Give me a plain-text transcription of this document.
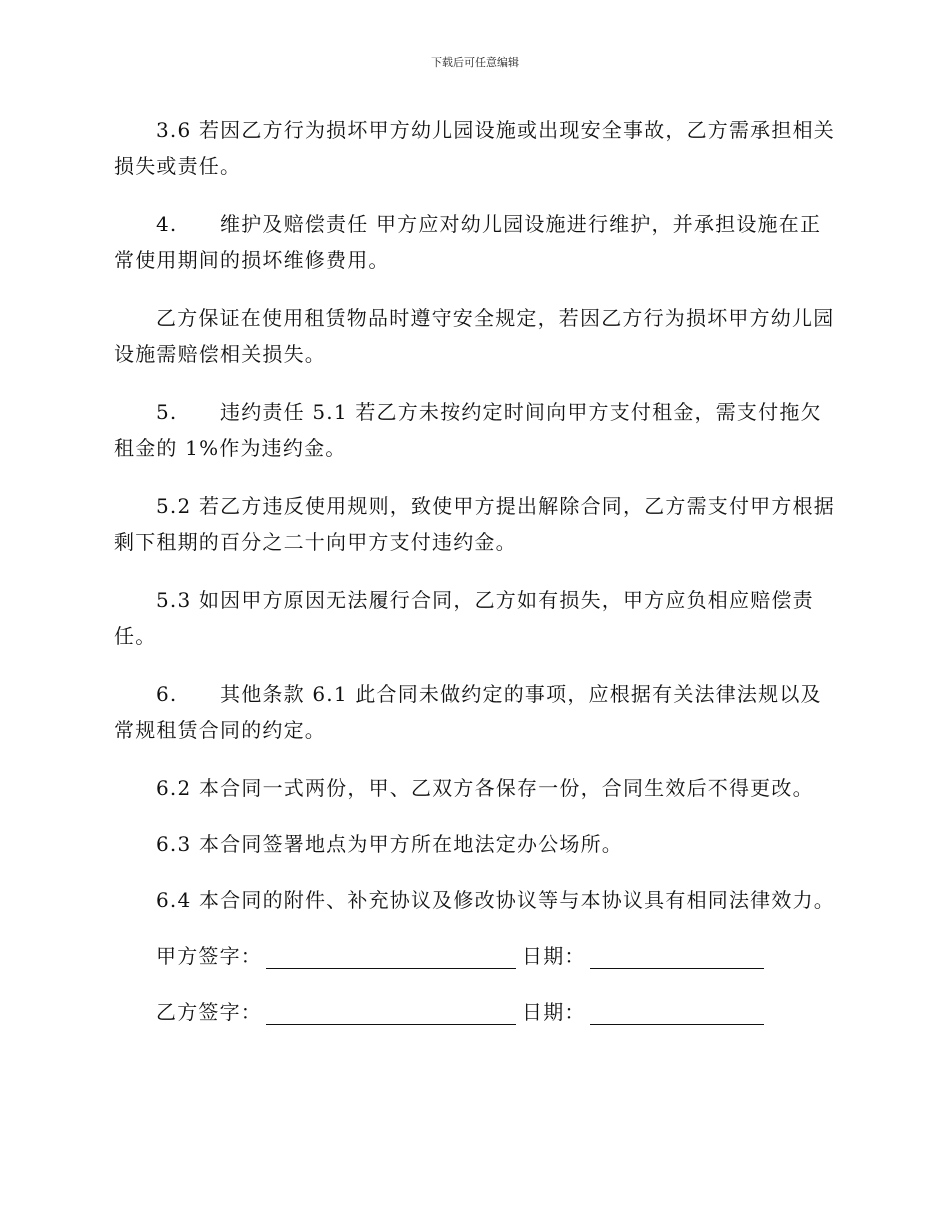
下载后可任意编辑

3.6 若因乙方行为损坏甲方幼儿园设施或出现安全事故，乙方需承担相关损失或责任。

4. 维护及赔偿责任 甲方应对幼儿园设施进行维护，并承担设施在正常使用期间的损坏维修费用。

乙方保证在使用租赁物品时遵守安全规定，若因乙方行为损坏甲方幼儿园设施需赔偿相关损失。

5. 违约责任 5.1 若乙方未按约定时间向甲方支付租金，需支付拖欠租金的 1%作为违约金。

5.2 若乙方违反使用规则，致使甲方提出解除合同，乙方需支付甲方根据剩下租期的百分之二十向甲方支付违约金。

5.3 如因甲方原因无法履行合同，乙方如有损失，甲方应负相应赔偿责任。

6. 其他条款 6.1 此合同未做约定的事项，应根据有关法律法规以及常规租赁合同的约定。

6.2 本合同一式两份，甲、乙双方各保存一份，合同生效后不得更改。

6.3 本合同签署地点为甲方所在地法定办公场所。

6.4 本合同的附件、补充协议及修改协议等与本协议具有相同法律效力。

甲方签字：	日期：
乙方签字：	日期：
